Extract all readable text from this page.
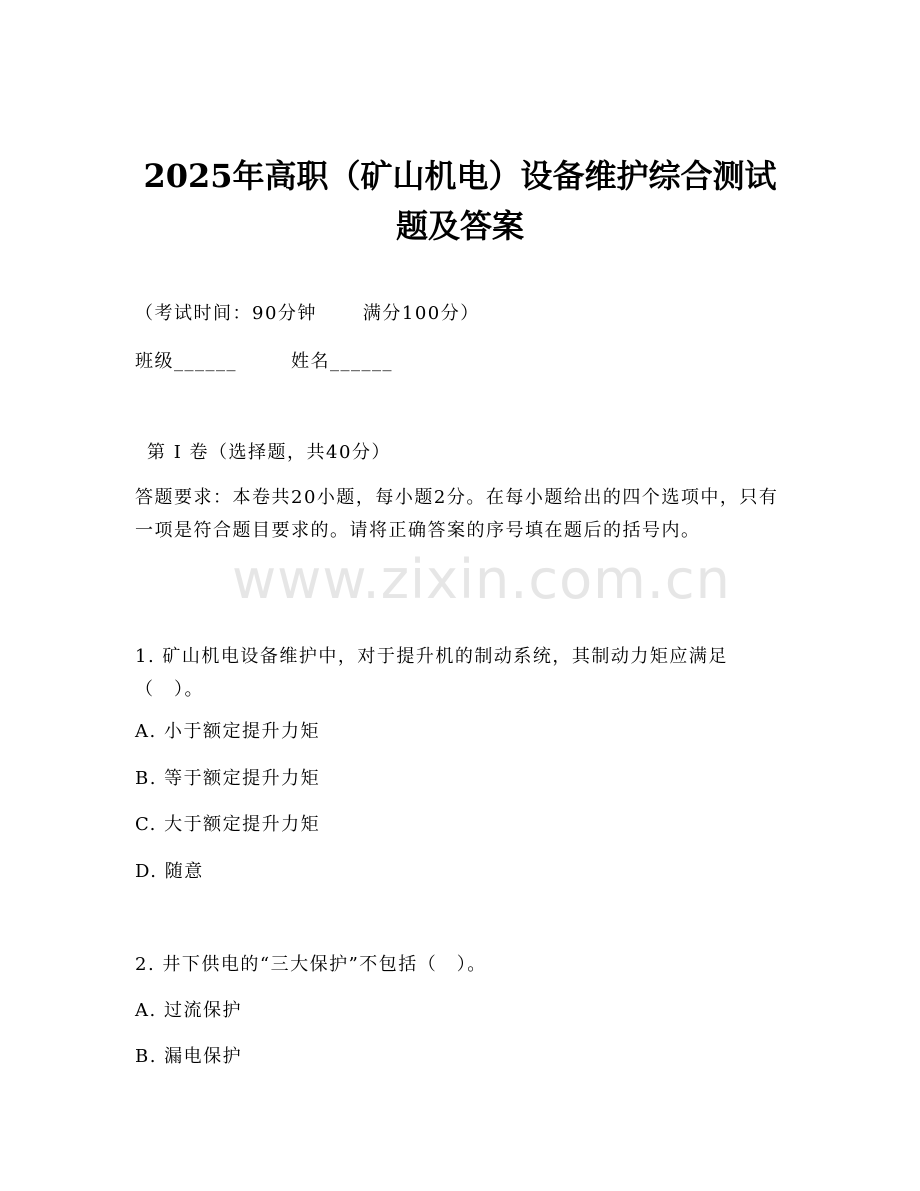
2025年高职（矿山机电）设备维护综合测试
题及答案
（考试时间：90分钟	满分100分）
班级______	姓名______
第 I 卷（选择题，共40分）

答题要求：本卷共20小题，每小题2分。在每小题给出的四个选项中，只有一项是符合题目要求的。请将正确答案的序号填在题后的括号内。

www.zixin.com.cn

1. 矿山机电设备维护中，对于提升机的制动系统，其制动力矩应满足（　）。

A. 小于额定提升力矩
B. 等于额定提升力矩
C. 大于额定提升力矩
D. 随意
2. 井下供电的“三大保护”不包括（　）。
A. 过流保护
B. 漏电保护
